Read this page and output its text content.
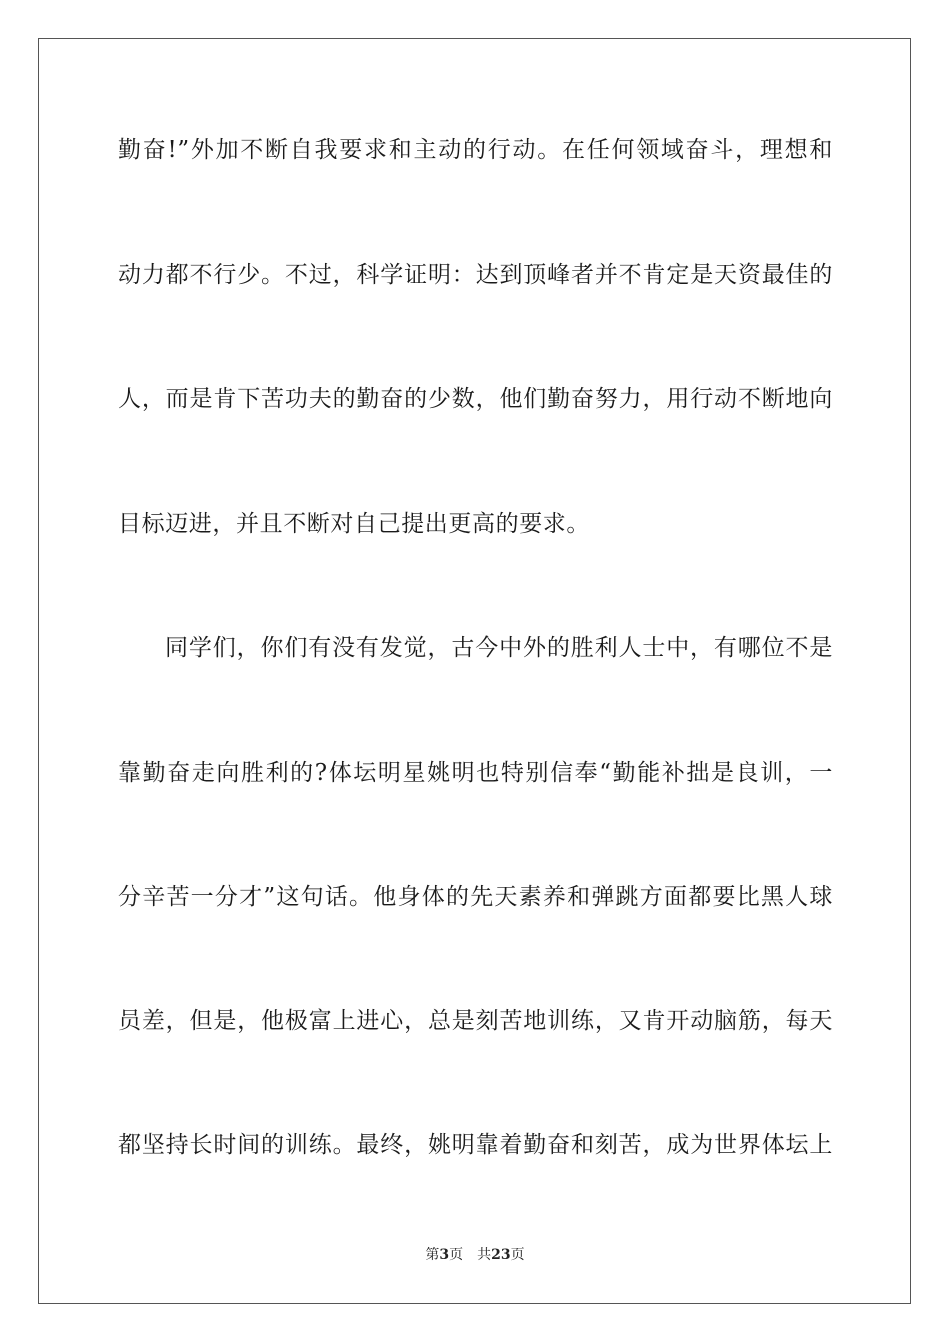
勤奋!”外加不断自我要求和主动的行动。在任何领域奋斗，理想和
动力都不行少。不过，科学证明：达到顶峰者并不肯定是天资最佳的
人，而是肯下苦功夫的勤奋的少数，他们勤奋努力，用行动不断地向
目标迈进，并且不断对自己提出更高的要求。
同学们，你们有没有发觉，古今中外的胜利人士中，有哪位不是
靠勤奋走向胜利的?体坛明星姚明也特别信奉“勤能补拙是良训，一
分辛苦一分才”这句话。他身体的先天素养和弹跳方面都要比黑人球
员差，但是，他极富上进心，总是刻苦地训练，又肯开动脑筋，每天
都坚持长时间的训练。最终，姚明靠着勤奋和刻苦，成为世界体坛上
第3页 共23页
